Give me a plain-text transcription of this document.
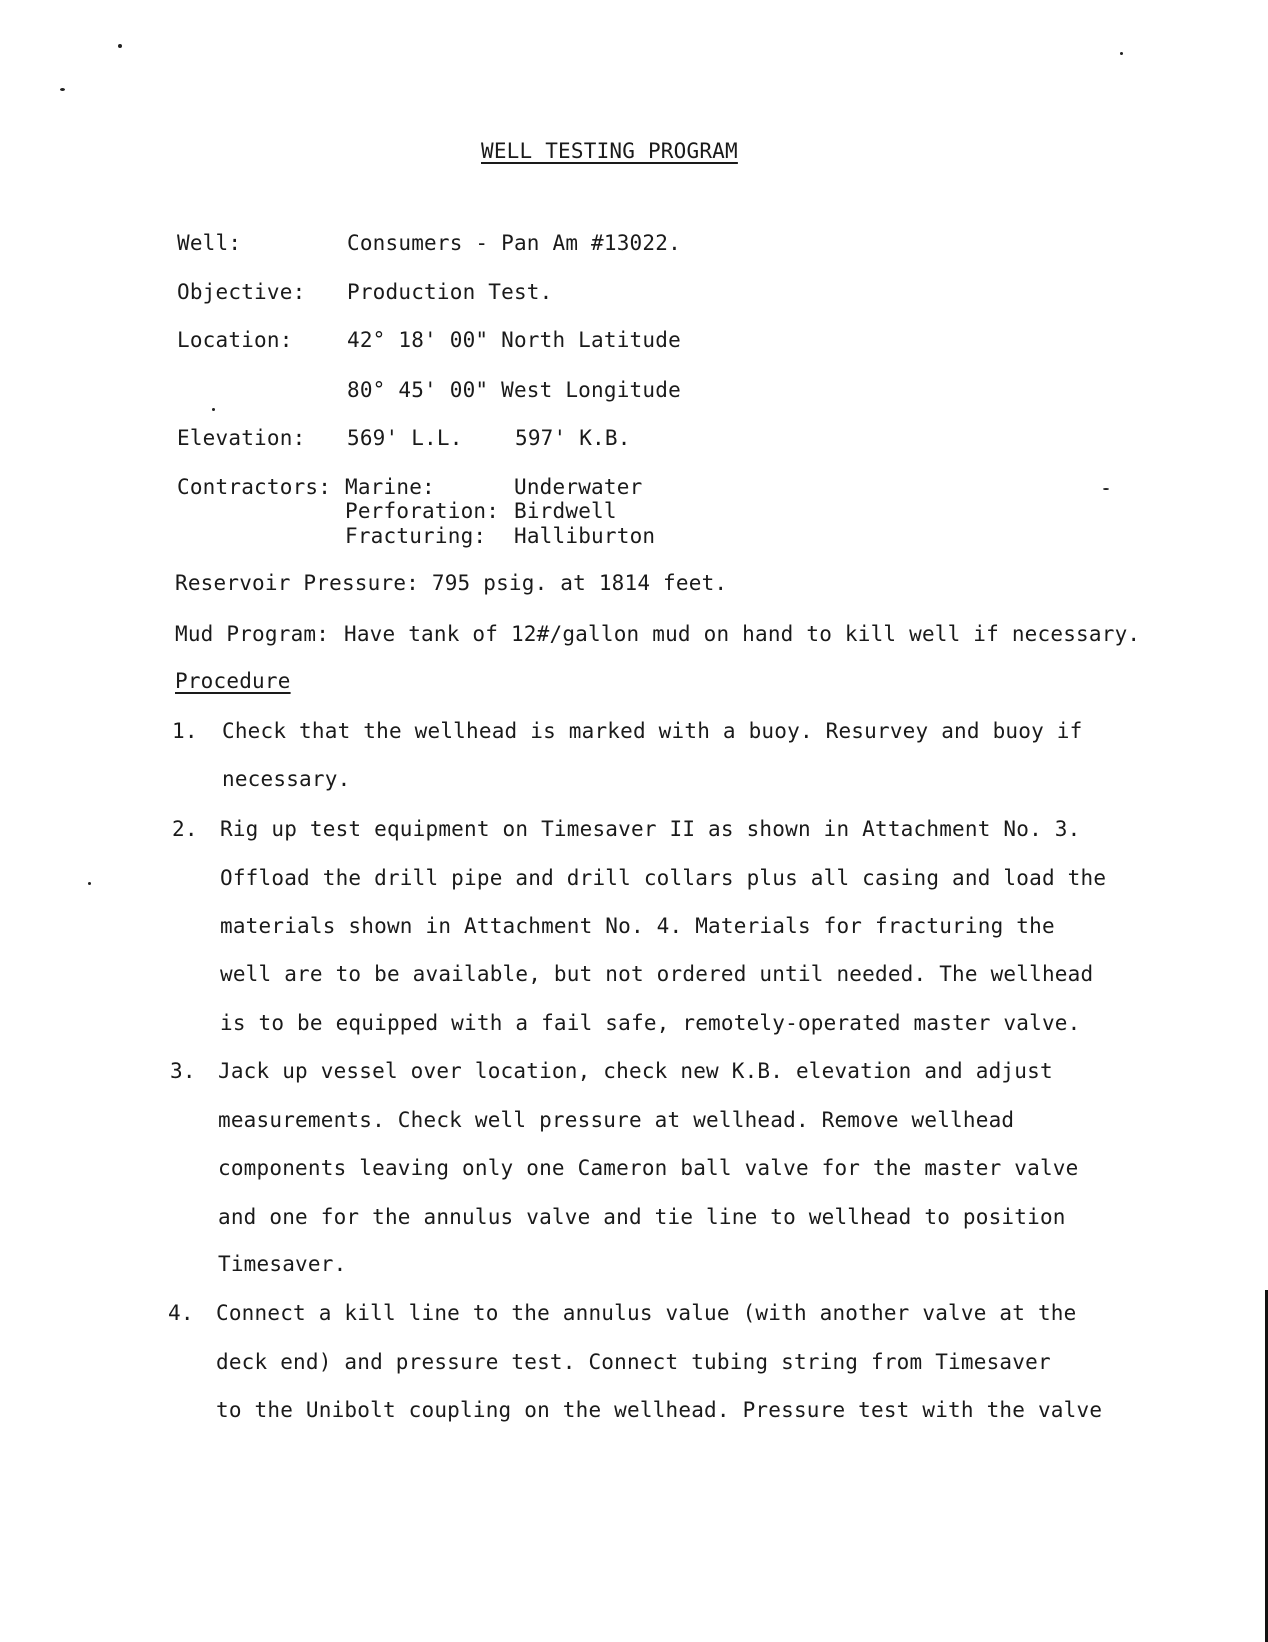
WELL TESTING PROGRAM
Well:	Consumers - Pan Am #13022.
Objective: Production Test.
Location:	42° 18' 00" North Latitude
80° 45' 00" West Longitude
Elevation: 569' L.L. 597' K.B.
Contractors: Marine:	Underwater
Perforation: Birdwell
Fracturing: Halliburton
Reservoir Pressure: 795 psig. at 1814 feet.
Mud Program: Have tank of 12#/gallon mud on hand to kill well if necessary.
Procedure
1. Check that the wellhead is marked with a buoy. Resurvey and buoy if
necessary.
2. Rig up test equipment on Timesaver II as shown in Attachment No. 3.
Offload the drill pipe and drill collars plus all casing and load the
materials shown in Attachment No. 4. Materials for fracturing the
well are to be available, but not ordered until needed. The wellhead
is to be equipped with a fail safe, remotely-operated master valve.
3. Jack up vessel over location, check new K.B. elevation and adjust
measurements. Check well pressure at wellhead. Remove wellhead
components leaving only one Cameron ball valve for the master valve
and one for the annulus valve and tie line to wellhead to position
Timesaver.
4. Connect a kill line to the annulus value (with another valve at the
deck end) and pressure test. Connect tubing string from Timesaver
to the Unibolt coupling on the wellhead. Pressure test with the valve
